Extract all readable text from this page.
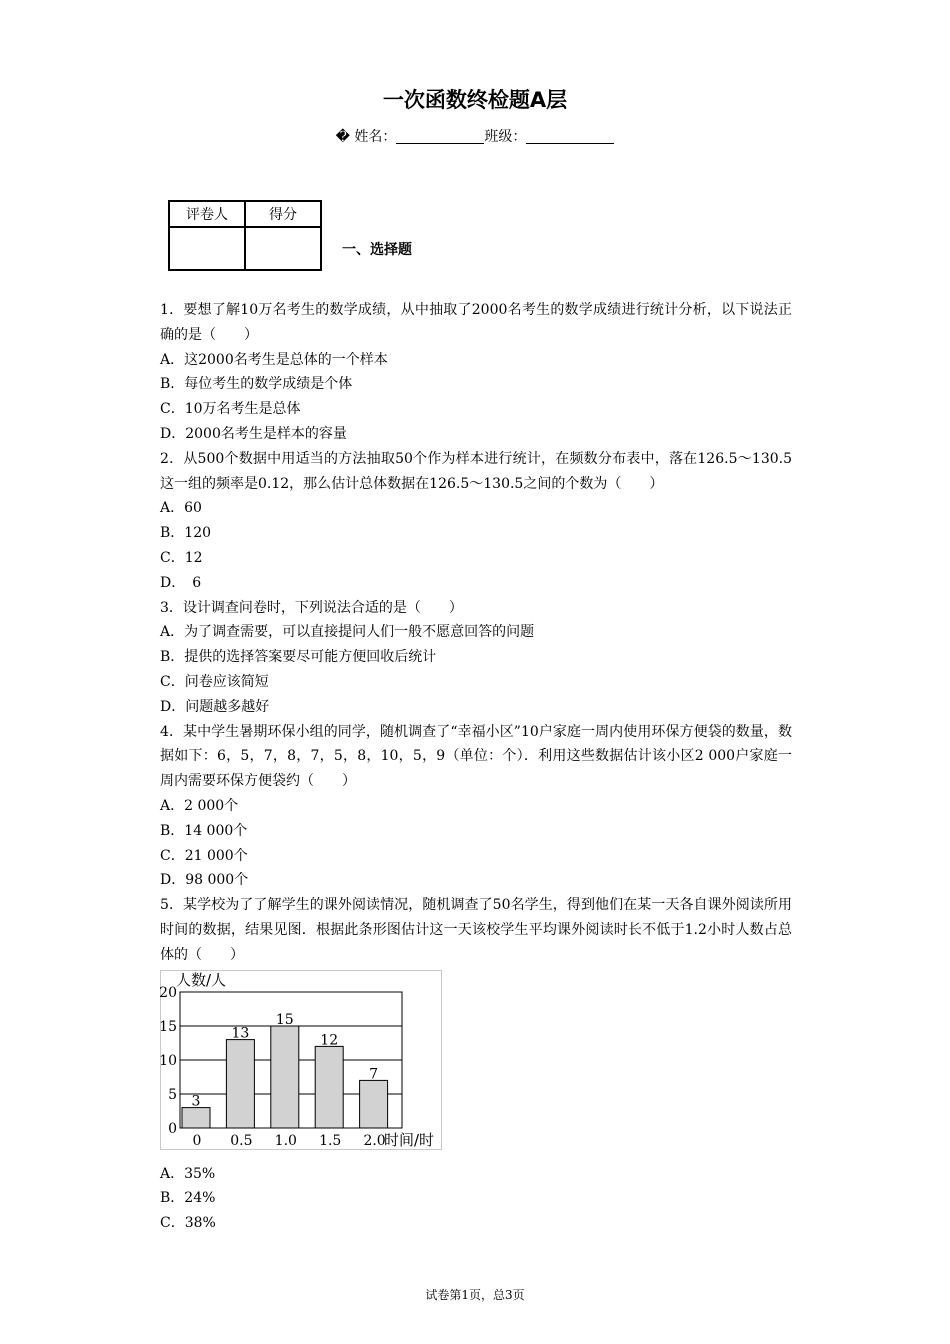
一次函数终检题A层
� 姓名：	班级：
评卷人	得分

一、选择题

1．要想了解10万名考生的数学成绩，从中抽取了2000名考生的数学成绩进行统计分析，以下说法正确的是（　　）

A．这2000名考生是总体的一个样本

B．每位考生的数学成绩是个体

C．10万名考生是总体

D．2000名考生是样本的容量

2．从500个数据中用适当的方法抽取50个作为样本进行统计，在频数分布表中，落在126.5～130.5这一组的频率是0.12，那么估计总体数据在126.5～130.5之间的个数为（　　）

A．60

B．120

C．12

D．　6

3．设计调查问卷时，下列说法合适的是（　　）

A．为了调查需要，可以直接提问人们一般不愿意回答的问题

B．提供的选择答案要尽可能方便回收后统计

C．问卷应该简短

D．问题越多越好

4．某中学生暑期环保小组的同学，随机调查了“幸福小区”10户家庭一周内使用环保方便袋的数量，数据如下：6，5，7，8，7，5，8，10，5，9（单位：个）．利用这些数据估计该小区2 000户家庭一周内需要环保方便袋约（　　）

A．2 000个

B．14 000个

C．21 000个

D．98 000个

5．某学校为了了解学生的课外阅读情况，随机调查了50名学生，得到他们在某一天各自课外阅读所用时间的数据，结果见图．根据此条形图估计这一天该校学生平均课外阅读时长不低于1.2小时人数占总体的（　　）

0
5
10
15
20
3
13
15
12
7
0 0.5 1.0 1.5 2.0
人数/人
时间/时

A．35%

B．24%

C．38%

试卷第1页，总3页
